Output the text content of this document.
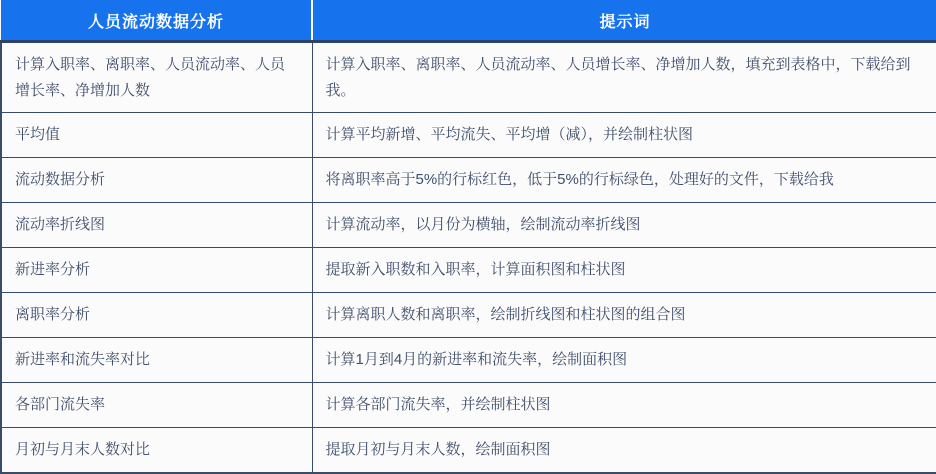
人员流动数据分析	提示词
计算入职率、离职率、人员流动率、人员增长率、净增加人数	计算入职率、离职率、人员流动率、人员增长率、净增加人数，填充到表格中，下载给到我。
平均值	计算平均新增、平均流失、平均增（减），并绘制柱状图
流动数据分析	将离职率高于5%的行标红色，低于5%的行标绿色，处理好的文件，下载给我
流动率折线图	计算流动率，以月份为横轴，绘制流动率折线图
新进率分析	提取新入职数和入职率，计算面积图和柱状图
离职率分析	计算离职人数和离职率，绘制折线图和柱状图的组合图
新进率和流失率对比	计算1月到4月的新进率和流失率，绘制面积图
各部门流失率	计算各部门流失率，并绘制柱状图
月初与月末人数对比	提取月初与月末人数，绘制面积图
